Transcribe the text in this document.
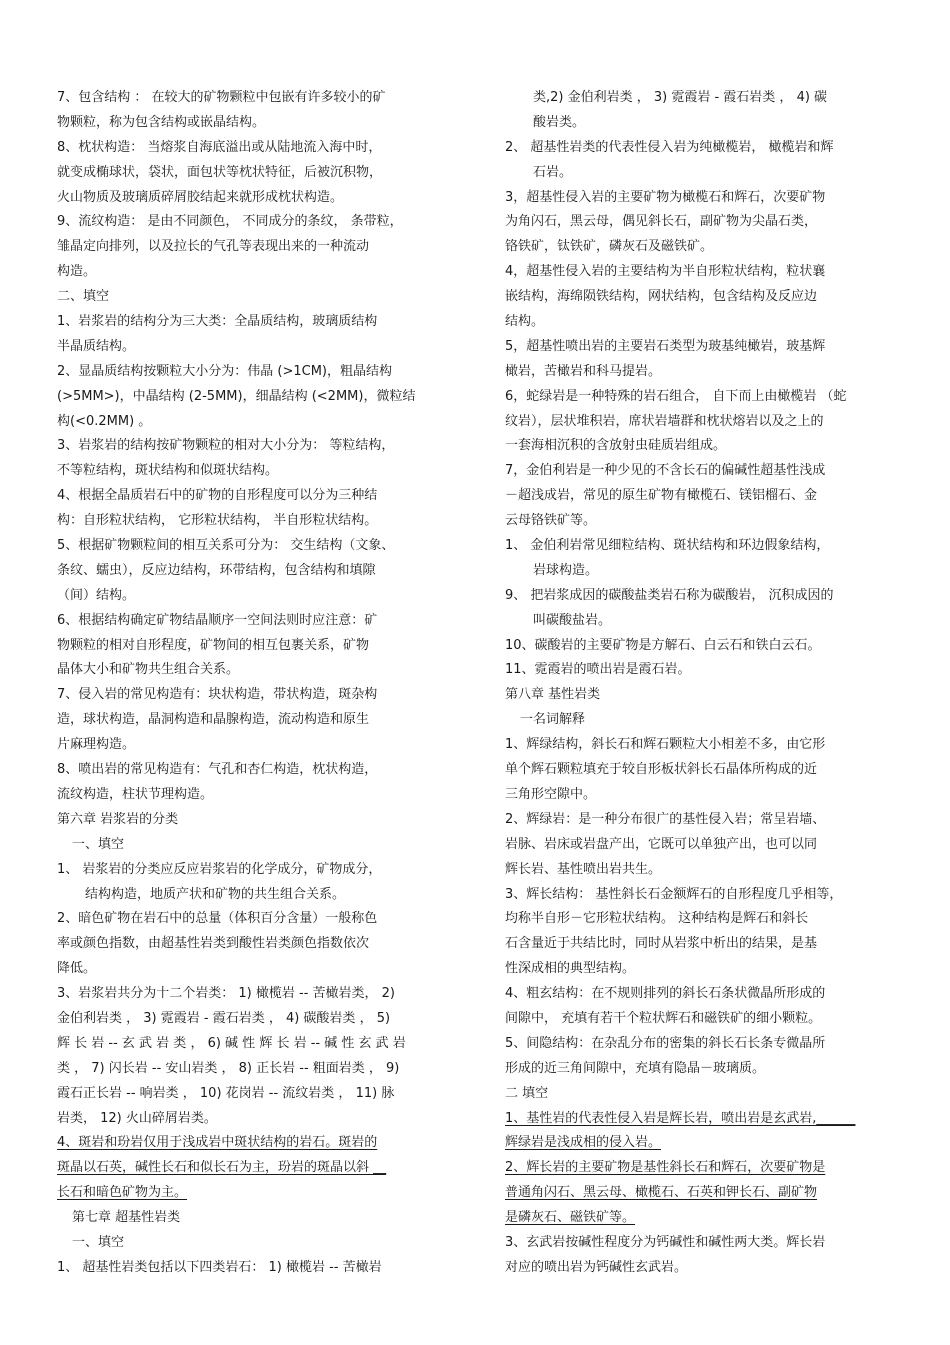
7、包含结构 ： 在较大的矿物颗粒中包嵌有许多较小的矿
物颗粒，称为包含结构或嵌晶结构。
8、枕状构造： 当熔浆自海底溢出或从陆地流入海中时，
就变成椭球状，袋状，面包状等枕状特征，后被沉积物，
火山物质及玻璃质碎屑胶结起来就形成枕状构造。
9、流纹构造： 是由不同颜色， 不同成分的条纹， 条带粒，
雏晶定向排列，以及拉长的气孔等表现出来的一种流动
构造。
二、填空
1、岩浆岩的结构分为三大类：全晶质结构，玻璃质结构
半晶质结构。
2、显晶质结构按颗粒大小分为：伟晶 (>1CM)，粗晶结构
(>5MM>)，中晶结构 (2-5MM)，细晶结构 (<2MM)，微粒结
构(<0.2MM) 。
3、岩浆岩的结构按矿物颗粒的相对大小分为： 等粒结构，
不等粒结构，斑状结构和似斑状结构。
4、根据全晶质岩石中的矿物的自形程度可以分为三种结
构：自形粒状结构， 它形粒状结构， 半自形粒状结构。
5、根据矿物颗粒间的相互关系可分为： 交生结构（文象、
条纹、蠕虫），反应边结构，环带结构，包含结构和填隙
（间）结构。
6、根据结构确定矿物结晶顺序一空间法则时应注意：矿
物颗粒的相对自形程度，矿物间的相互包裹关系，矿物
晶体大小和矿物共生组合关系。
7、侵入岩的常见构造有：块状构造，带状构造，斑杂构
造，球状构造，晶洞构造和晶腺构造，流动构造和原生
片麻理构造。
8、喷出岩的常见构造有：气孔和杏仁构造，枕状构造，
流纹构造，柱状节理构造。
第六章 岩浆岩的分类
一、填空
1、 岩浆岩的分类应反应岩浆岩的化学成分，矿物成分，
结构构造，地质产状和矿物的共生组合关系。
2、暗色矿物在岩石中的总量（体积百分含量）一般称色
率或颜色指数，由超基性岩类到酸性岩类颜色指数依次
降低。
3、岩浆岩共分为十二个岩类： 1) 橄榄岩 -- 苦橄岩类， 2)
金伯利岩类 ， 3) 霓霞岩 - 霞石岩类 ， 4) 碳酸岩类 ， 5)
辉 长 岩 -- 玄 武 岩 类 ， 6) 碱 性 辉 长 岩 -- 碱 性 玄 武 岩
类 ， 7) 闪长岩 -- 安山岩类 ， 8) 正长岩 -- 粗面岩类 ， 9)
霞石正长岩 -- 响岩类 ， 10) 花岗岩 -- 流纹岩类 ， 11) 脉
岩类， 12) 火山碎屑岩类。
4、斑岩和玢岩仅用于浅成岩中斑状结构的岩石。斑岩的
斑晶以石英，碱性长石和似长石为主，玢岩的斑晶以斜 __
长石和暗色矿物为主。
第七章 超基性岩类
一、填空
1、 超基性岩类包括以下四类岩石： 1) 橄榄岩 -- 苦橄岩
类,2) 金伯利岩类 ， 3) 霓霞岩 - 霞石岩类 ， 4) 碳
酸岩类。
2、 超基性岩类的代表性侵入岩为纯橄榄岩， 橄榄岩和辉
石岩。
3，超基性侵入岩的主要矿物为橄榄石和辉石，次要矿物
为角闪石，黑云母，偶见斜长石，副矿物为尖晶石类，
铬铁矿，钛铁矿，磷灰石及磁铁矿。
4，超基性侵入岩的主要结构为半自形粒状结构，粒状襄
嵌结构，海绵陨铁结构，网状结构，包含结构及反应边
结构。
5，超基性喷出岩的主要岩石类型为玻基纯橄岩，玻基辉
橄岩，苦橄岩和科马提岩。
6，蛇绿岩是一种特殊的岩石组合， 自下而上由橄榄岩 （蛇
纹岩），层状堆积岩，席状岩墙群和枕状熔岩以及之上的
一套海相沉积的含放射虫硅质岩组成。
7，金伯利岩是一种少见的不含长石的偏碱性超基性浅成
－超浅成岩，常见的原生矿物有橄榄石、镁铝榴石、金
云母铬铁矿等。
1、 金伯利岩常见细粒结构、斑状结构和环边假象结构，
岩球构造。
9、 把岩浆成因的碳酸盐类岩石称为碳酸岩， 沉积成因的
叫碳酸盐岩。
10、碳酸岩的主要矿物是方解石、白云石和铁白云石。
11、霓霞岩的喷出岩是霞石岩。
第八章 基性岩类
一名词解释
1、辉绿结构，斜长石和辉石颗粒大小相差不多，由它形
单个辉石颗粒填充于较自形板状斜长石晶体所构成的近
三角形空隙中。
2、辉绿岩：是一种分布很广的基性侵入岩；常呈岩墙、
岩脉、岩床或岩盘产出，它既可以单独产出，也可以同
辉长岩、基性喷出岩共生。
3、辉长结构： 基性斜长石金额辉石的自形程度几乎相等，
均称半自形－它形粒状结构。 这种结构是辉石和斜长
石含量近于共结比时，同时从岩浆中析出的结果，是基
性深成相的典型结构。
4、粗玄结构：在不规则排列的斜长石条状微晶所形成的
间隙中， 充填有若干个粒状辉石和磁铁矿的细小颗粒。
5、间隐结构：在杂乱分布的密集的斜长石长条专微晶所
形成的近三角间隙中，充填有隐晶－玻璃质。
二 填空
1、基性岩的代表性侵入岩是辉长岩，喷出岩是玄武岩,______
辉绿岩是浅成相的侵入岩。
2、辉长岩的主要矿物是基性斜长石和辉石，次要矿物是
普通角闪石、黑云母、橄榄石、石英和钾长石、副矿物
是磷灰石、磁铁矿等。
3、玄武岩按碱性程度分为钙碱性和碱性两大类。辉长岩
对应的喷出岩为钙碱性玄武岩。
